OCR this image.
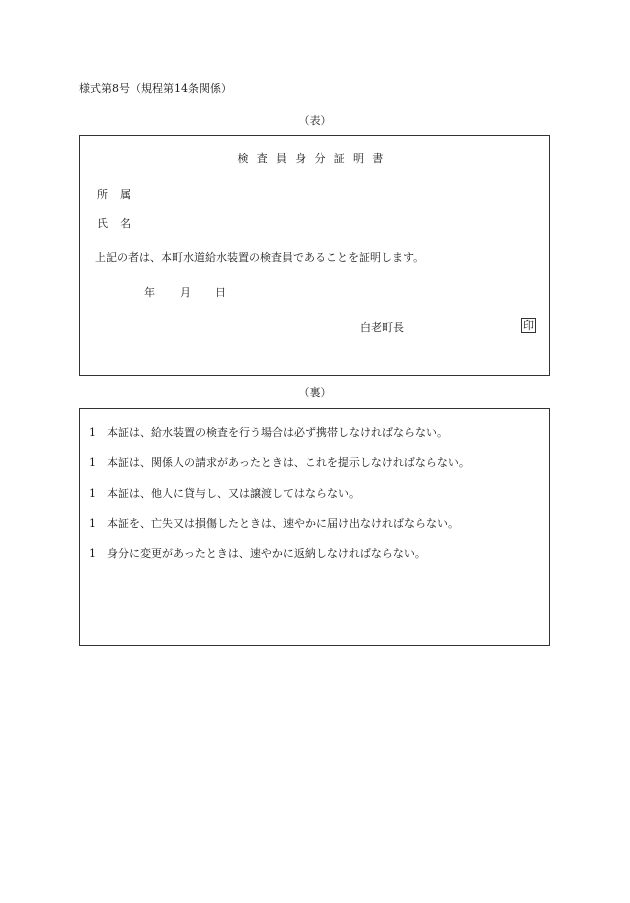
様式第8号（規程第14条関係）
（表）
検査員身分証明書
所属
氏名
上記の者は、本町水道給水装置の検査員であることを証明します。
年 月 日
白老町長	印
（裏）
1 本証は、給水装置の検査を行う場合は必ず携帯しなければならない。
1 本証は、関係人の請求があったときは、これを提示しなければならない。
1 本証は、他人に貸与し、又は譲渡してはならない。
1 本証を、亡失又は損傷したときは、速やかに届け出なければならない。
1 身分に変更があったときは、速やかに返納しなければならない。
